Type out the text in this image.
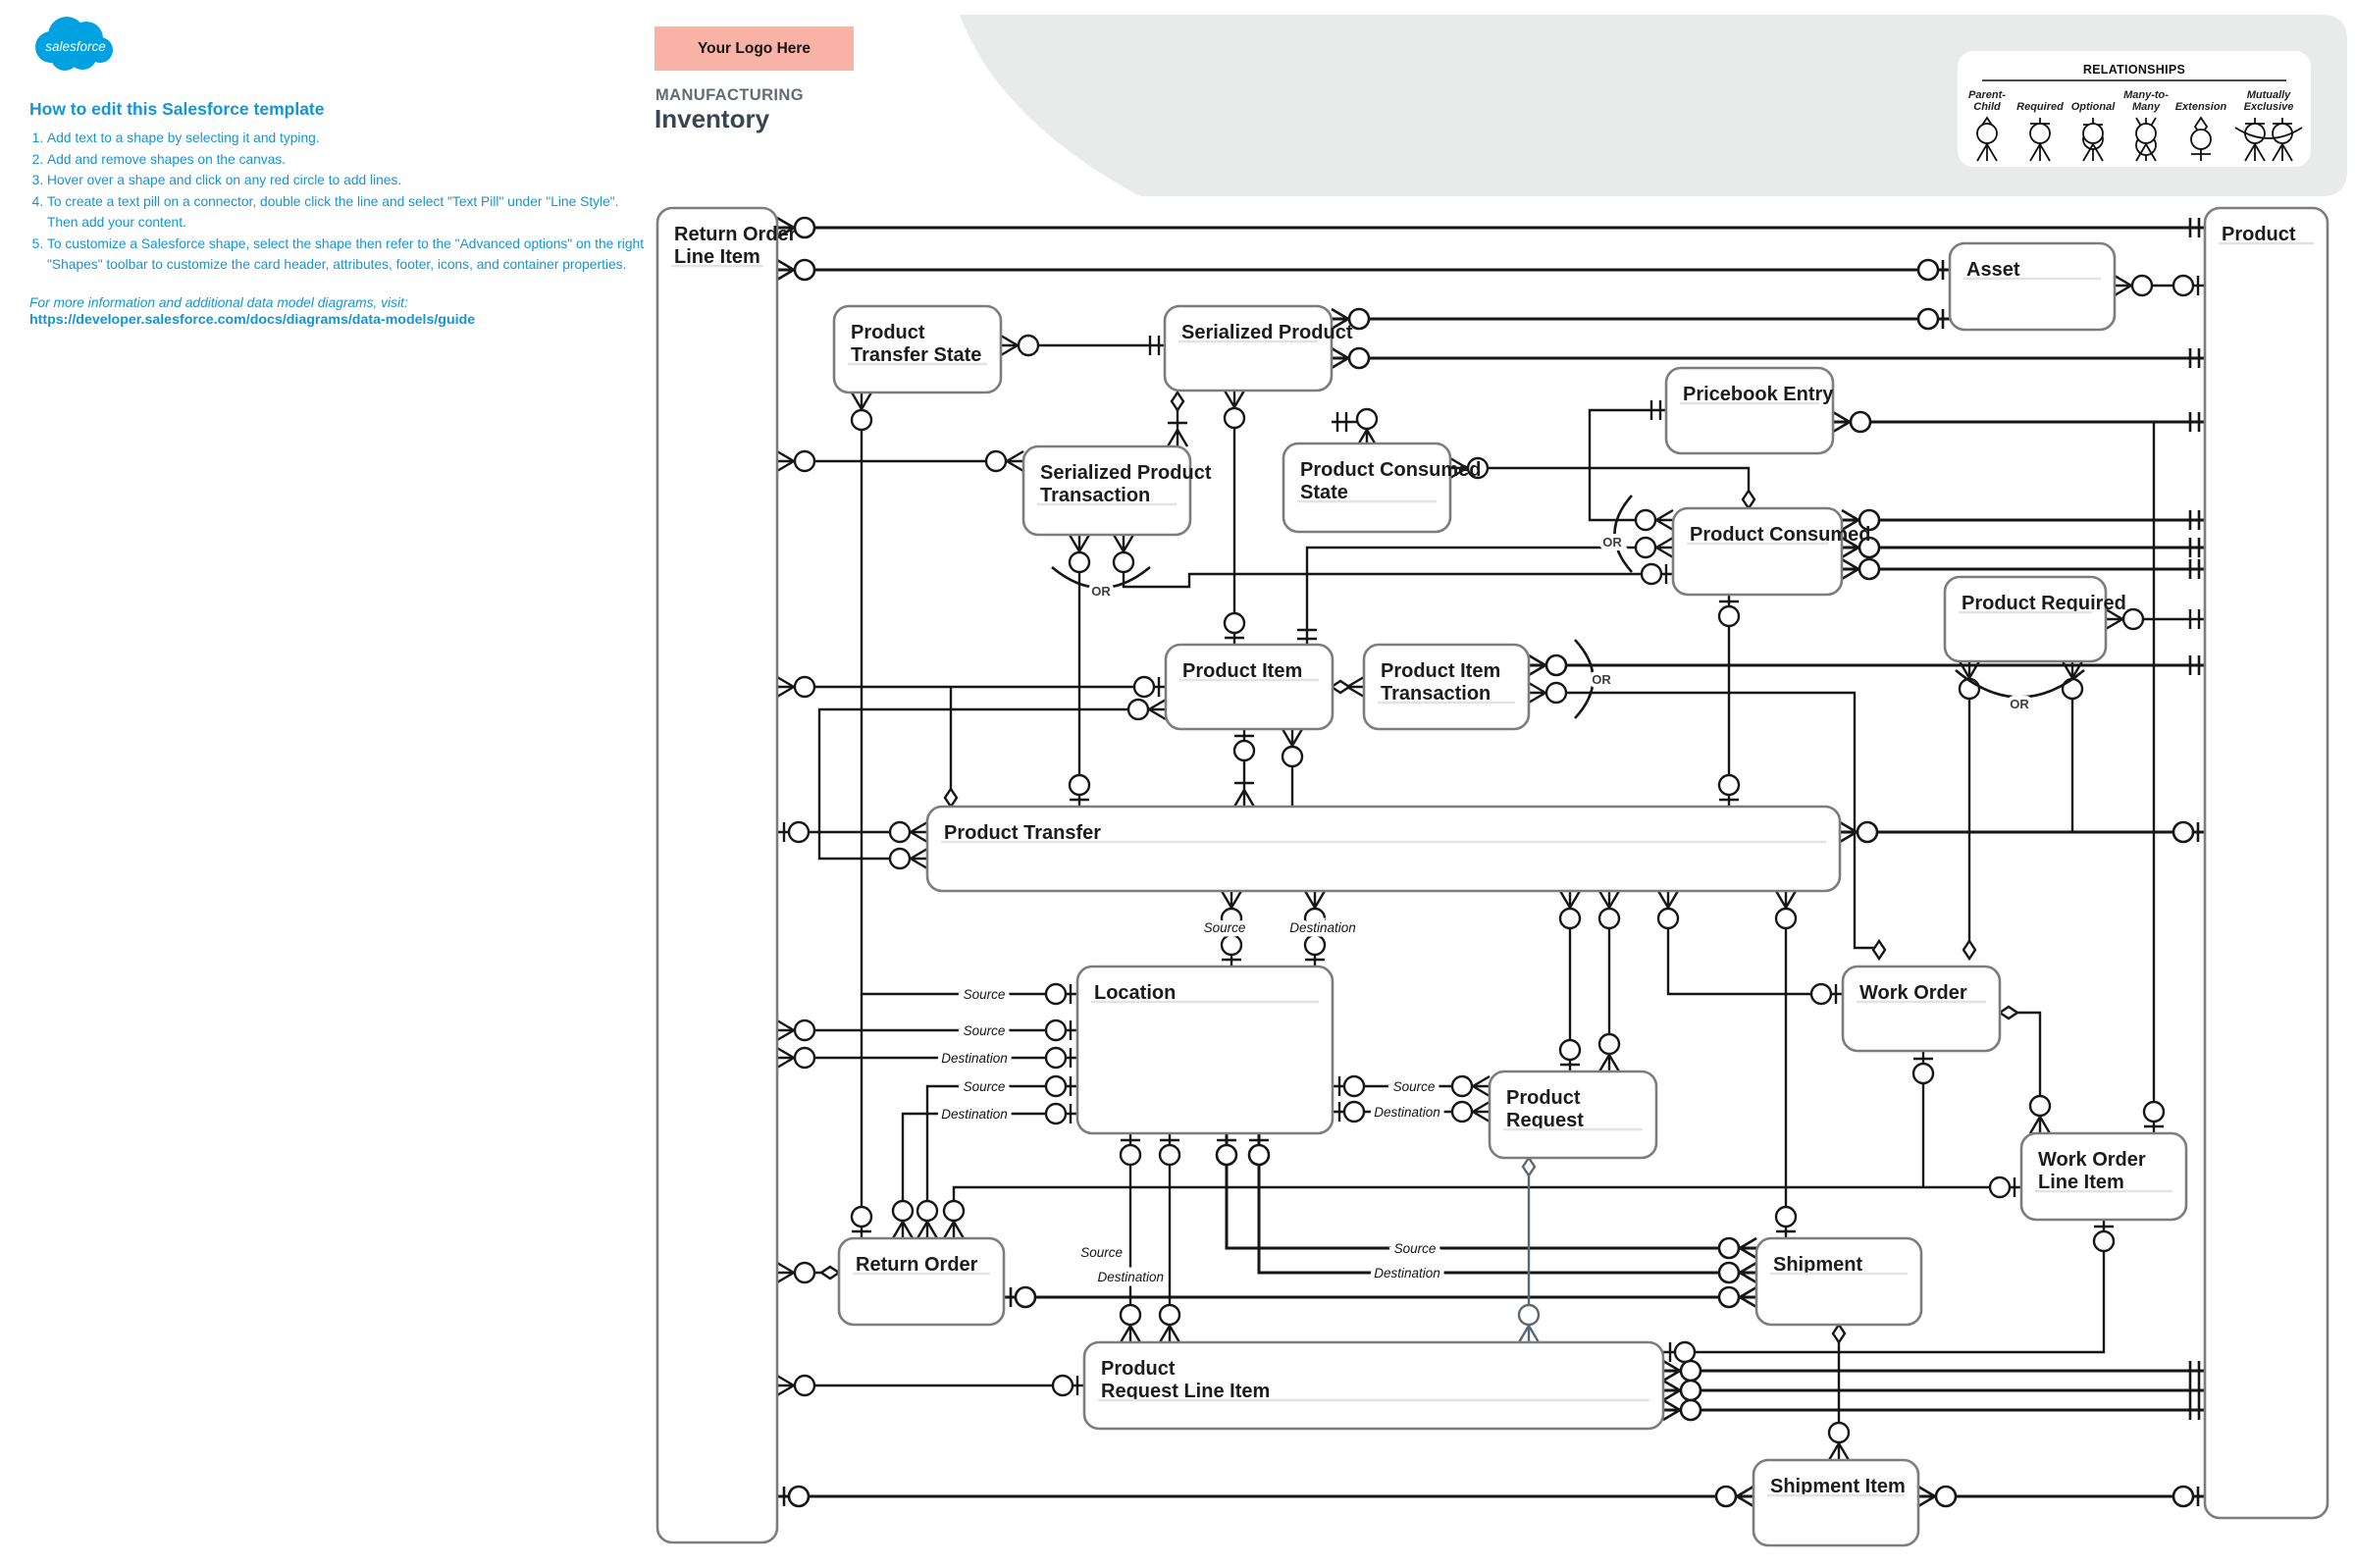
salesforce
How to edit this Salesforce template
1. Add text to a shape by selecting it and typing.
2. Add and remove shapes on the canvas.
3. Hover over a shape and click on any red circle to add lines.
4. To create a text pill on a connector, double click the line and select "Text Pill" under "Line Style". Then add your content.
5. To customize a Salesforce shape, select the shape then refer to the "Advanced options" on the right "Shapes" toolbar to customize the card header, attributes, footer, icons, and container properties.
For more information and additional data model diagrams, visit:
https://developer.salesforce.com/docs/diagrams/data-models/guide
Your Logo Here
MANUFACTURING
Inventory
OR
OR
OR
OR
Source	Destination
Source
Source
Destination
Source
Destination
Source
Destination
Source
Destination
Source
Destination
Return Order
Line Item
Product
Asset
Product
Transfer State
Serialized Product
Pricebook Entry
Serialized Product
Transaction
Product Consumed
State
Product Consumed
Product Required
Product Item	Product Item
Transaction
Product Transfer
Location	Work Order
Product
Request
Work Order
Line Item
Return Order	Shipment
Product
Request Line Item
Shipment Item
RELATIONSHIPS
Parent-
Child Required Optional
Many-to-
Many Extension
Mutually
Exclusive
